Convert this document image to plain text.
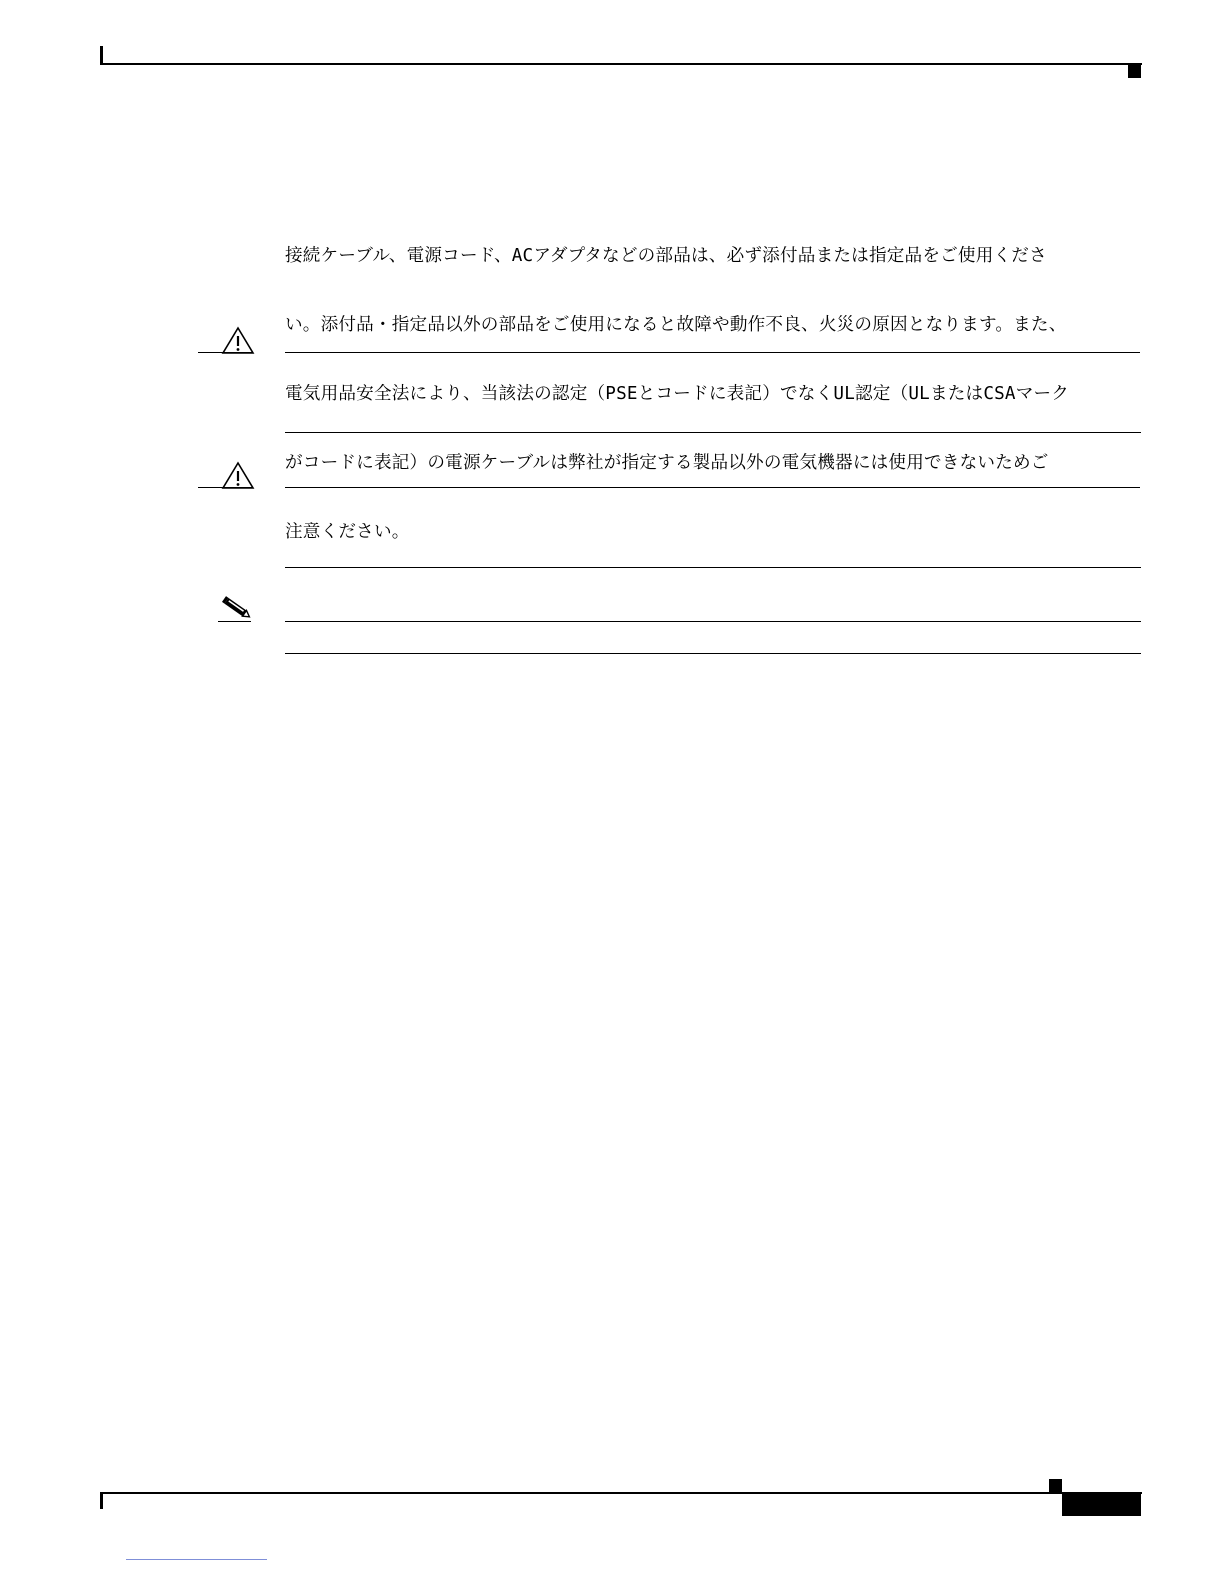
接続ケーブル、電源コード、ACアダプタなどの部品は、必ず添付品または指定品をご使用くださ

い。添付品・指定品以外の部品をご使用になると故障や動作不良、火災の原因となります。また、

電気用品安全法により、当該法の認定（PSEとコードに表記）でなくUL認定（ULまたはCSAマーク

がコードに表記）の電源ケーブルは弊社が指定する製品以外の電気機器には使用できないためご

注意ください。
